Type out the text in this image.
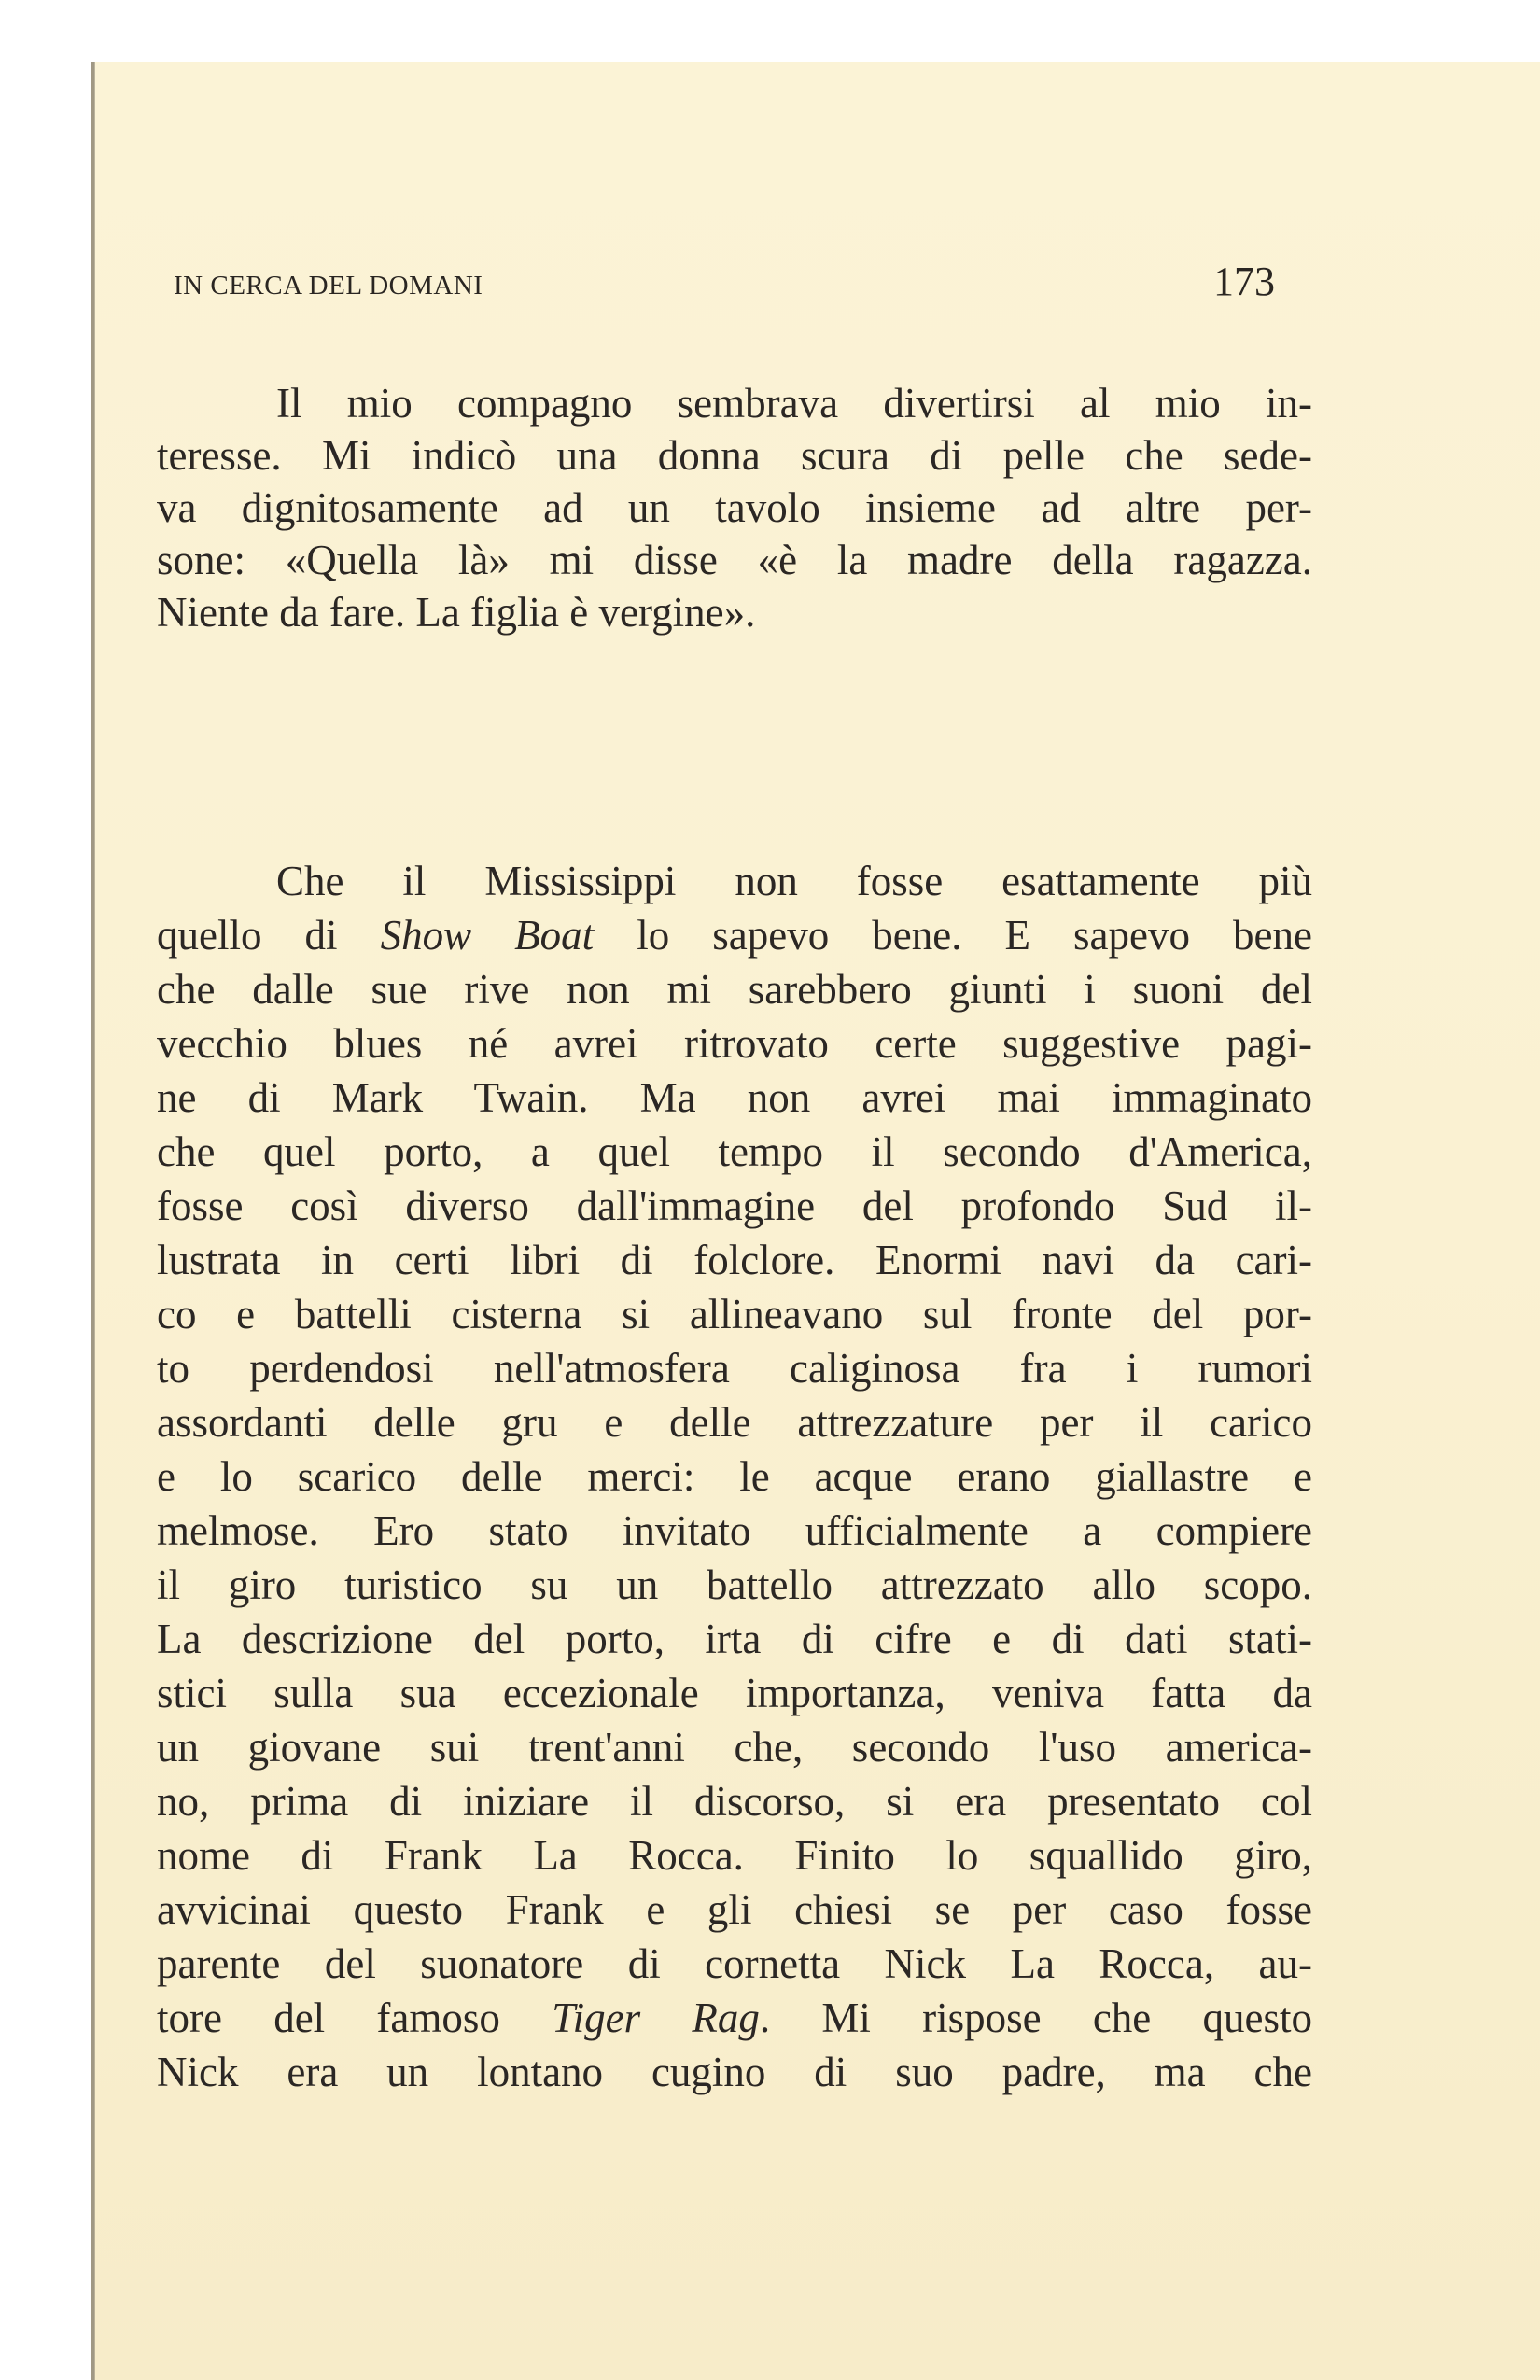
IN CERCA DEL DOMANI	173
Il mio compagno sembrava divertirsi al mio in-
teresse. Mi indicò una donna scura di pelle che sede-
va dignitosamente ad un tavolo insieme ad altre per-
sone: «Quella là» mi disse «è la madre della ragazza.
Niente da fare. La figlia è vergine».
Che il Mississippi non fosse esattamente più
quello di Show Boat lo sapevo bene. E sapevo bene
che dalle sue rive non mi sarebbero giunti i suoni del
vecchio blues né avrei ritrovato certe suggestive pagi-
ne di Mark Twain. Ma non avrei mai immaginato
che quel porto, a quel tempo il secondo d'America,
fosse così diverso dall'immagine del profondo Sud il-
lustrata in certi libri di folclore. Enormi navi da cari-
co e battelli cisterna si allineavano sul fronte del por-
to perdendosi nell'atmosfera caliginosa fra i rumori
assordanti delle gru e delle attrezzature per il carico
e lo scarico delle merci: le acque erano giallastre e
melmose. Ero stato invitato ufficialmente a compiere
il giro turistico su un battello attrezzato allo scopo.
La descrizione del porto, irta di cifre e di dati stati-
stici sulla sua eccezionale importanza, veniva fatta da
un giovane sui trent'anni che, secondo l'uso america-
no, prima di iniziare il discorso, si era presentato col
nome di Frank La Rocca. Finito lo squallido giro,
avvicinai questo Frank e gli chiesi se per caso fosse
parente del suonatore di cornetta Nick La Rocca, au-
tore del famoso Tiger Rag. Mi rispose che questo
Nick era un lontano cugino di suo padre, ma che
